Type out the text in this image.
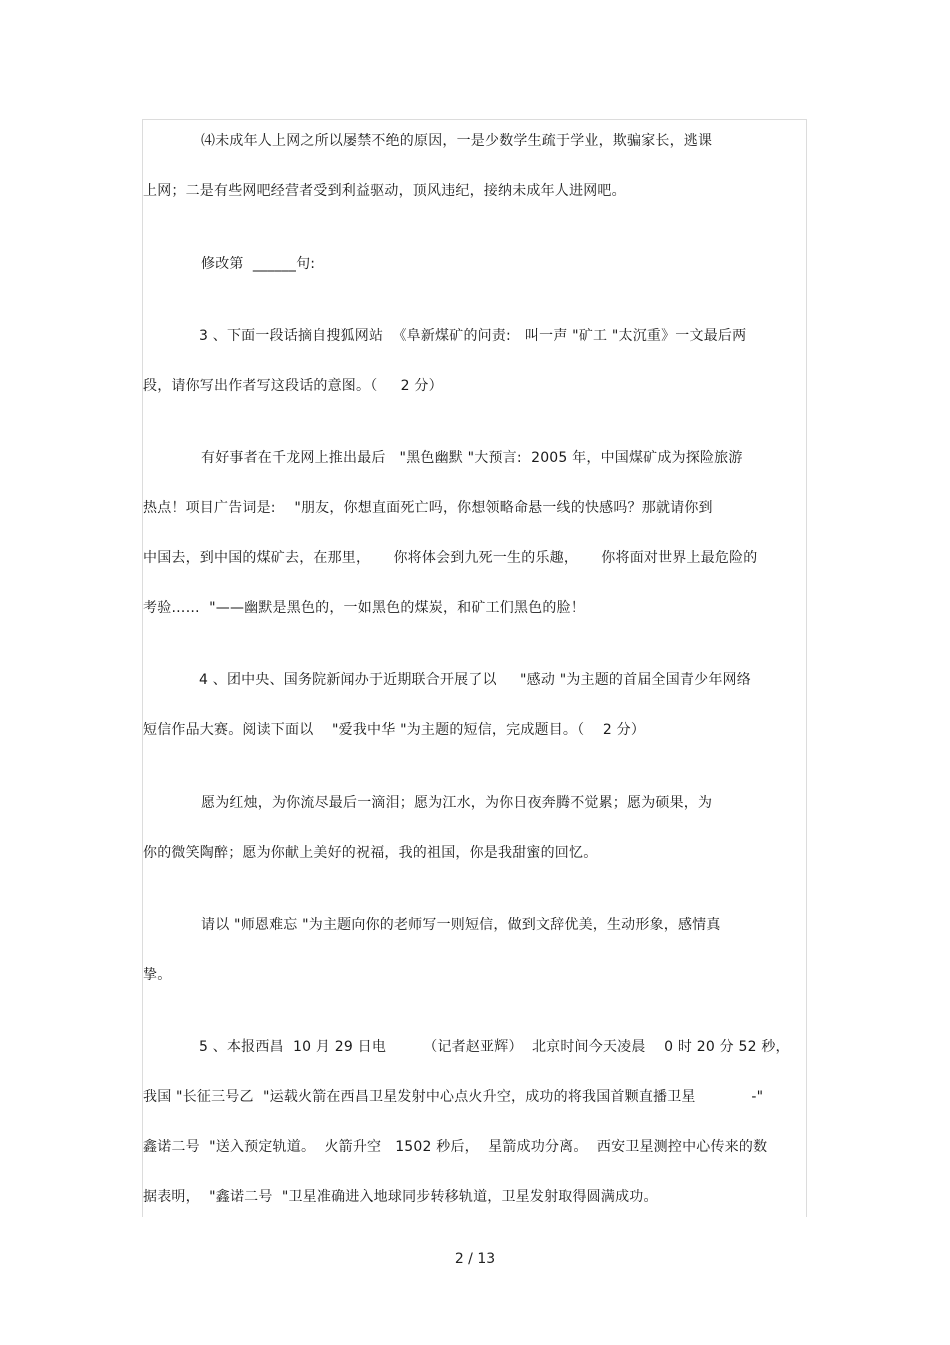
⑷未成年人上网之所以屡禁不绝的原因，一是少数学生疏于学业，欺骗家长，逃课
上网；二是有些网吧经营者受到利益驱动，顶风违纪，接纳未成年人进网吧。
修改第  ______句:
3 、下面一段话摘自搜狐网站  《阜新煤矿的问责:   叫一声 "矿工 "太沉重》一文最后两
段，请你写出作者写这段话的意图。（     2 分）
有好事者在千龙网上推出最后   "黑色幽默 "大预言:  2005 年，中国煤矿成为探险旅游
热点！项目广告词是:    "朋友，你想直面死亡吗，你想领略命悬一线的快感吗？那就请你到
中国去，到中国的煤矿去，在那里，     你将体会到九死一生的乐趣，     你将面对世界上最危险的
考验……  "——幽默是黑色的，一如黑色的煤炭，和矿工们黑色的脸！
4 、团中央、国务院新闻办于近期联合开展了以     "感动 "为主题的首届全国青少年网络
短信作品大赛。阅读下面以    "爱我中华 "为主题的短信，完成题目。（    2 分）
愿为红烛，为你流尽最后一滴泪；愿为江水，为你日夜奔腾不觉累；愿为硕果，为
你的微笑陶醉；愿为你献上美好的祝福，我的祖国，你是我甜蜜的回忆。
请以 "师恩难忘 "为主题向你的老师写一则短信，做到文辞优美，生动形象，感情真
挚。
5 、本报西昌  10 月 29 日电        （记者赵亚辉）  北京时间今天凌晨    0 时 20 分 52 秒，
我国 "长征三号乙  "运载火箭在西昌卫星发射中心点火升空，成功的将我国首颗直播卫星            -"
鑫诺二号  "送入预定轨道。  火箭升空   1502 秒后，  星箭成功分离。  西安卫星测控中心传来的数
据表明，  "鑫诺二号  "卫星准确进入地球同步转移轨道，卫星发射取得圆满成功。
2 / 13
